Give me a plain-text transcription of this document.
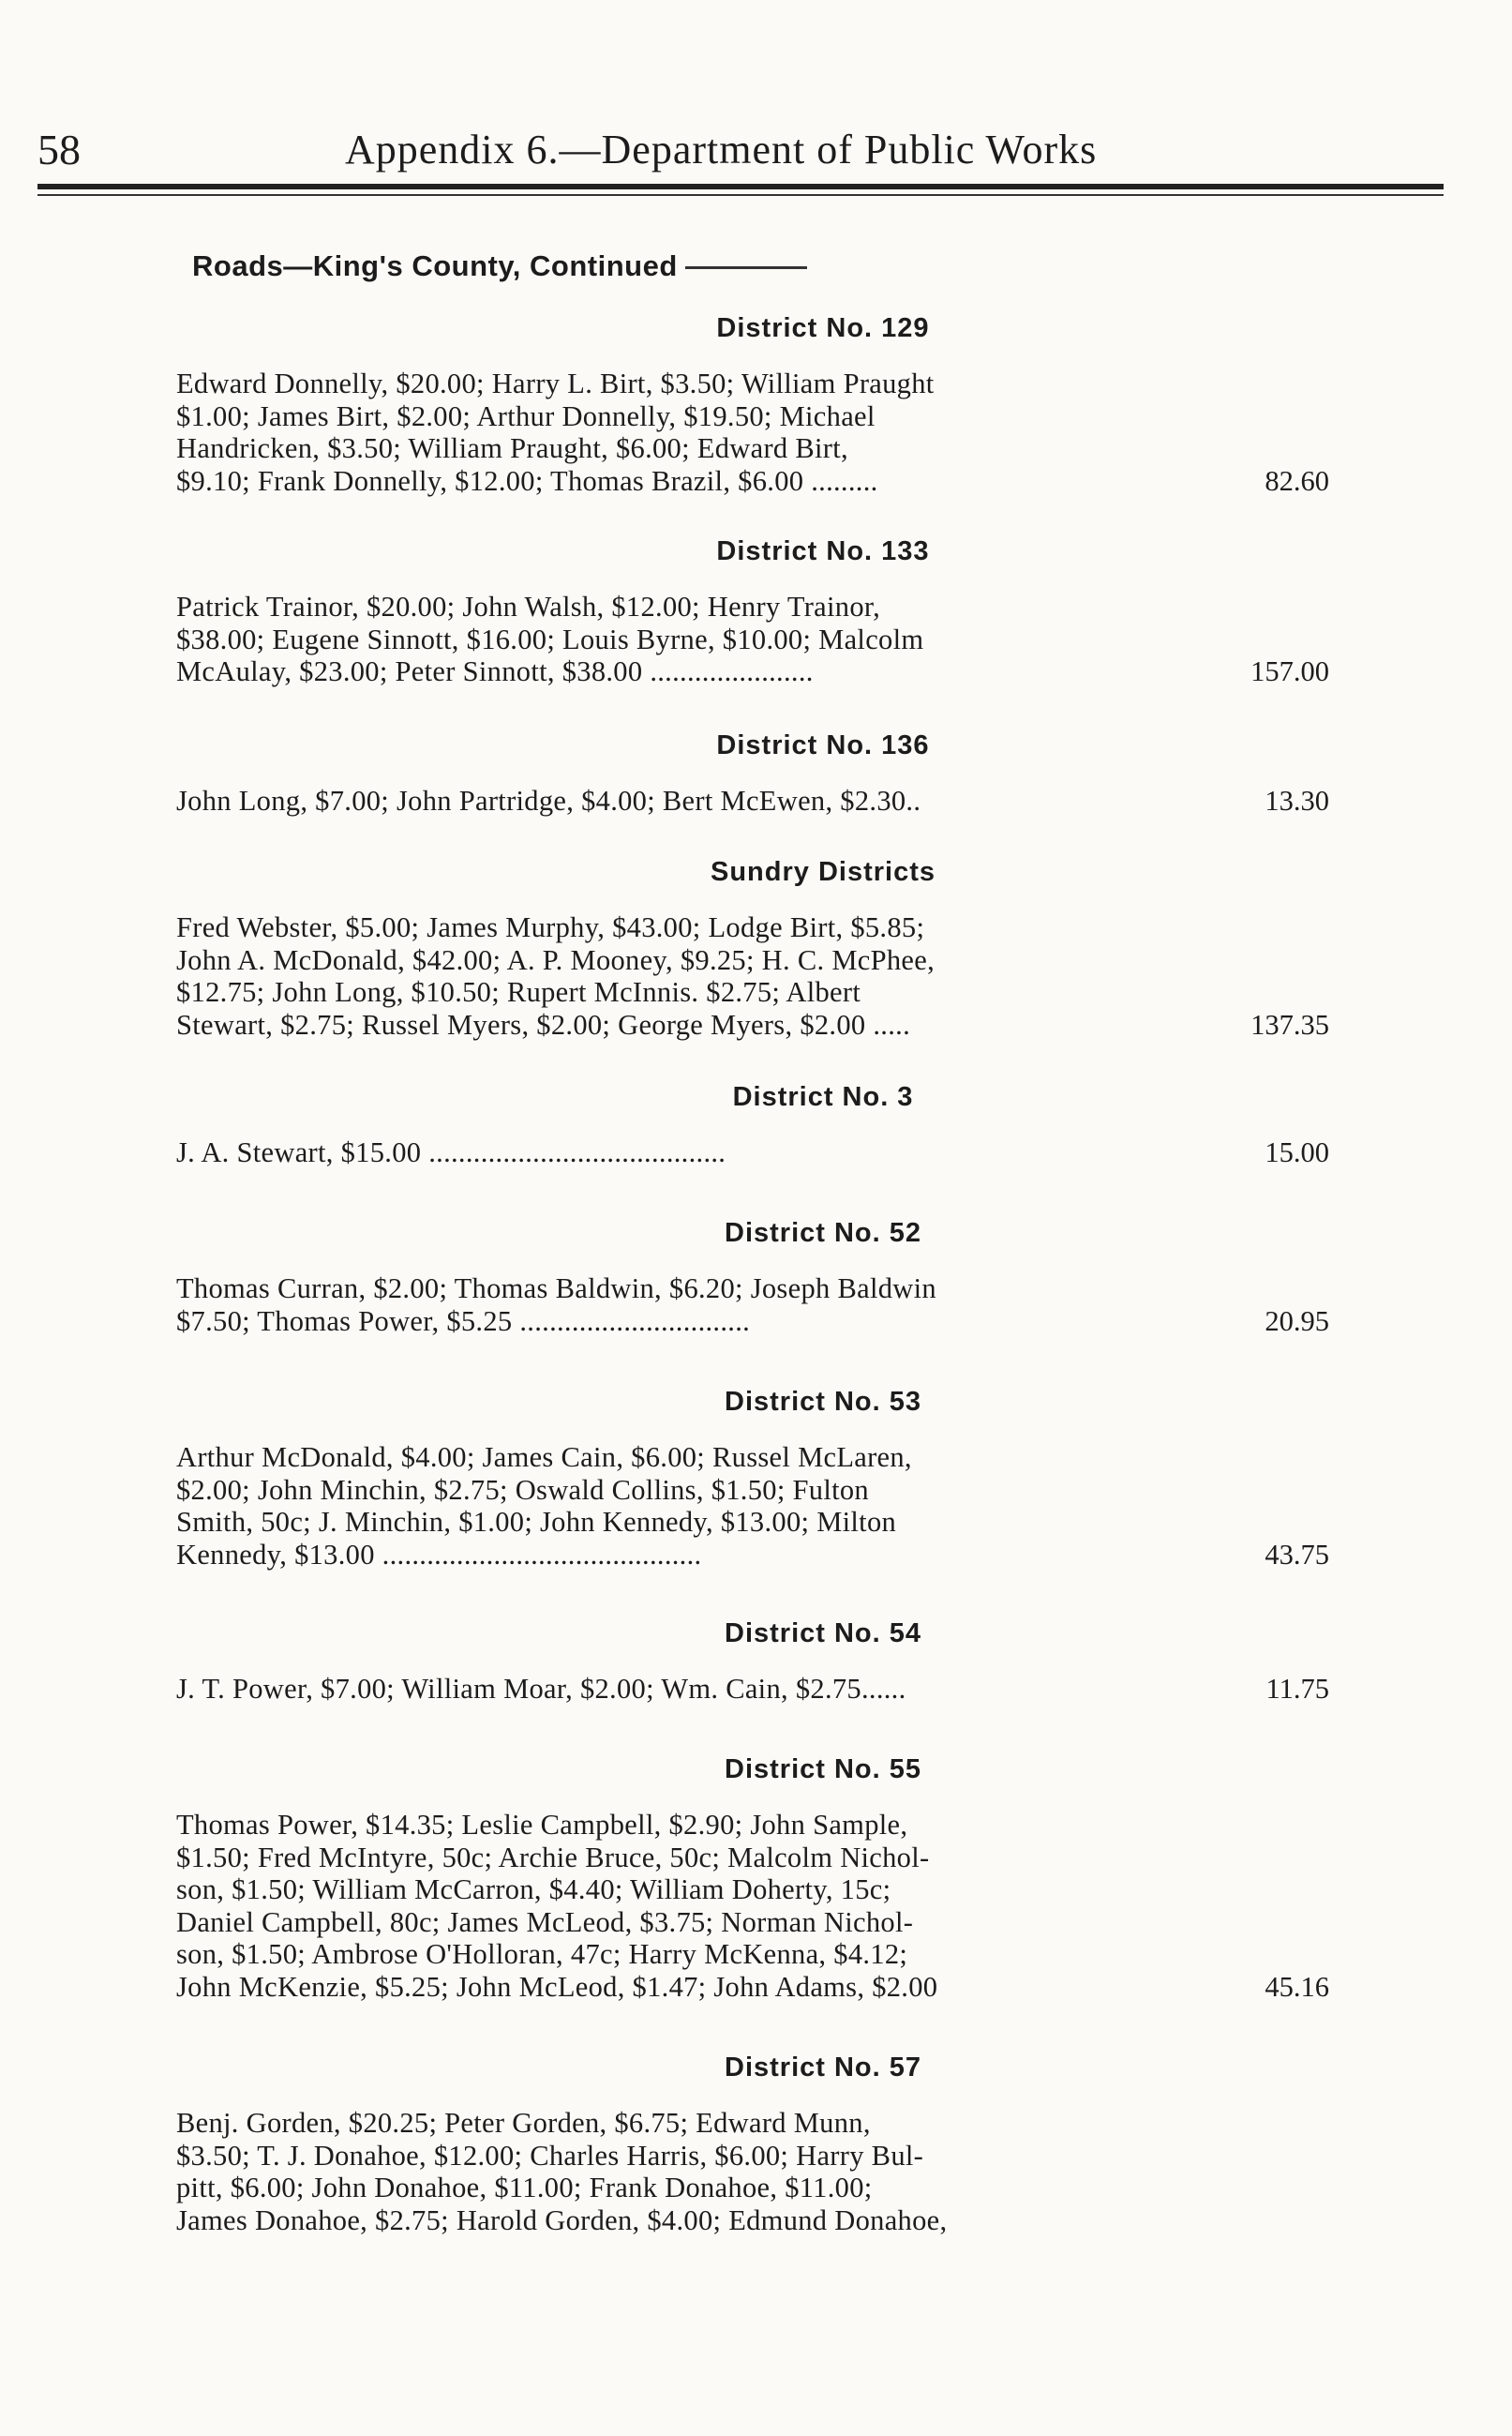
58	Appendix 6.—Department of Public Works
Roads—King's County, Continued
District No. 129
Edward Donnelly, $20.00; Harry L. Birt, $3.50; William Praught
$1.00; James Birt, $2.00; Arthur Donnelly, $19.50; Michael
Handricken, $3.50; William Praught, $6.00; Edward Birt,
$9.10; Frank Donnelly, $12.00; Thomas Brazil, $6.00 .........	82.60
District No. 133
Patrick Trainor, $20.00; John Walsh, $12.00; Henry Trainor,
$38.00; Eugene Sinnott, $16.00; Louis Byrne, $10.00; Malcolm
McAulay, $23.00; Peter Sinnott, $38.00 ......................	157.00
District No. 136
John Long, $7.00; John Partridge, $4.00; Bert McEwen, $2.30..	13.30
Sundry Districts
Fred Webster, $5.00; James Murphy, $43.00; Lodge Birt, $5.85;
John A. McDonald, $42.00; A. P. Mooney, $9.25; H. C. McPhee,
$12.75; John Long, $10.50; Rupert McInnis. $2.75; Albert
Stewart, $2.75; Russel Myers, $2.00; George Myers, $2.00 .....	137.35
District No. 3
J. A. Stewart, $15.00 ........................................	15.00
District No. 52
Thomas Curran, $2.00; Thomas Baldwin, $6.20; Joseph Baldwin
$7.50; Thomas Power, $5.25 ...............................	20.95
District No. 53
Arthur McDonald, $4.00; James Cain, $6.00; Russel McLaren,
$2.00; John Minchin, $2.75; Oswald Collins, $1.50; Fulton
Smith, 50c; J. Minchin, $1.00; John Kennedy, $13.00; Milton
Kennedy, $13.00 ...........................................	43.75
District No. 54
J. T. Power, $7.00; William Moar, $2.00; Wm. Cain, $2.75......	11.75
District No. 55
Thomas Power, $14.35; Leslie Campbell, $2.90; John Sample,
$1.50; Fred McIntyre, 50c; Archie Bruce, 50c; Malcolm Nichol-
son, $1.50; William McCarron, $4.40; William Doherty, 15c;
Daniel Campbell, 80c; James McLeod, $3.75; Norman Nichol-
son, $1.50; Ambrose O'Holloran, 47c; Harry McKenna, $4.12;
John McKenzie, $5.25; John McLeod, $1.47; John Adams, $2.00	45.16
District No. 57
Benj. Gorden, $20.25; Peter Gorden, $6.75; Edward Munn,
$3.50; T. J. Donahoe, $12.00; Charles Harris, $6.00; Harry Bul-
pitt, $6.00; John Donahoe, $11.00; Frank Donahoe, $11.00;
James Donahoe, $2.75; Harold Gorden, $4.00; Edmund Donahoe,
